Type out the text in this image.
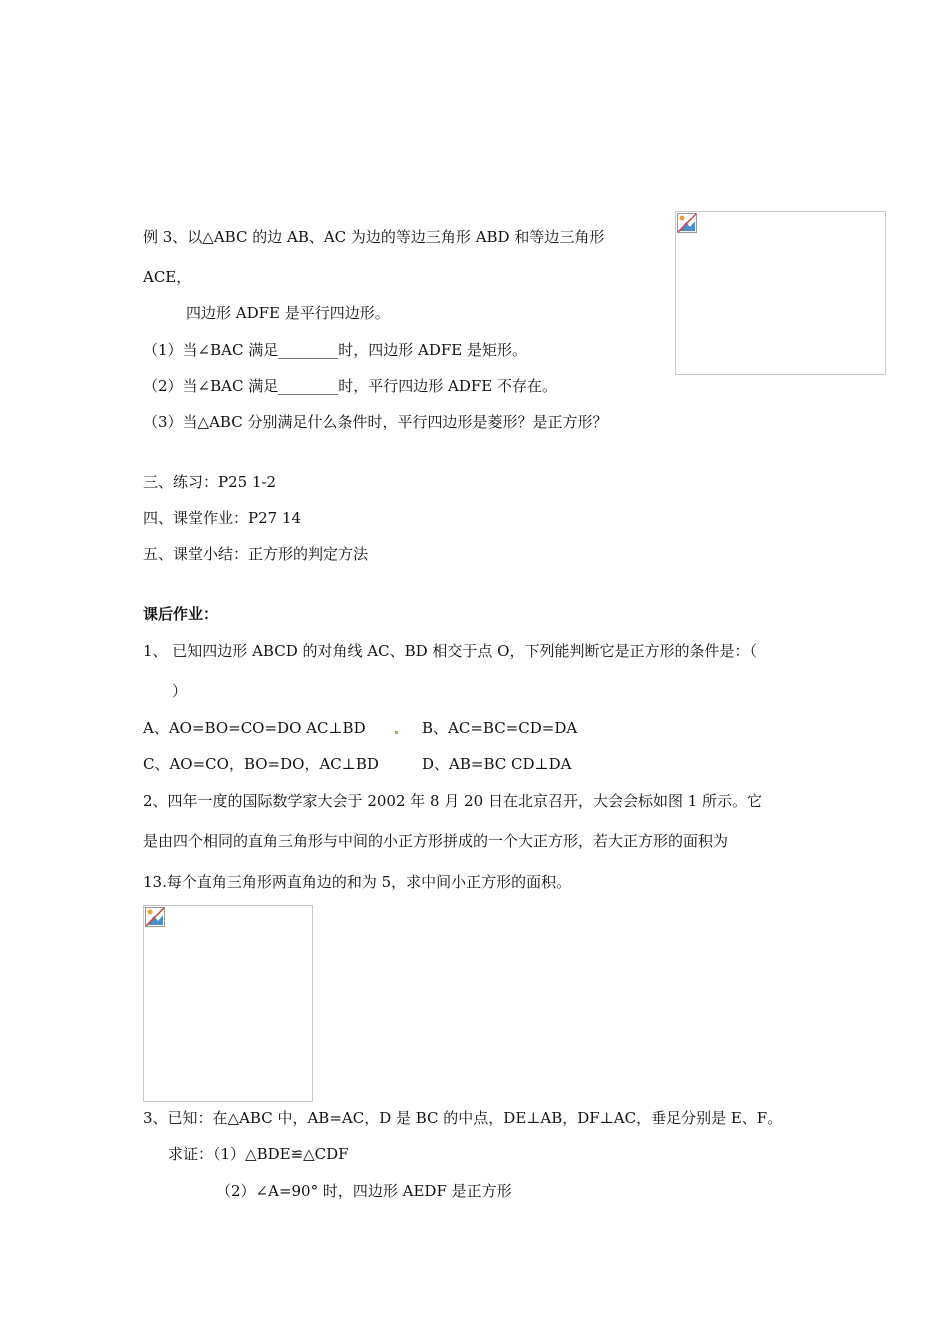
例 3、以△ABC 的边 AB、AC 为边的等边三角形 ABD 和等边三角形
ACE，
四边形 ADFE 是平行四边形。
（1）当∠BAC 满足________时，四边形 ADFE 是矩形。
（2）当∠BAC 满足________时，平行四边形 ADFE 不存在。
（3）当△ABC 分别满足什么条件时，平行四边形是菱形？是正方形？
三、练习：P25 1-2
四、课堂作业：P27 14
五、课堂小结：正方形的判定方法
课后作业：
1、 已知四边形 ABCD 的对角线 AC、BD 相交于点 O，下列能判断它是正方形的条件是：（
）
A、AO=BO=CO=DO AC⊥BD	B、AC=BC=CD=DA
C、AO=CO，BO=DO，AC⊥BD	D、AB=BC CD⊥DA
2、四年一度的国际数学家大会于 2002 年 8 月 20 日在北京召开，大会会标如图 1 所示。它
是由四个相同的直角三角形与中间的小正方形拼成的一个大正方形，若大正方形的面积为
13.每个直角三角形两直角边的和为 5，求中间小正方形的面积。
3、已知：在△ABC 中，AB=AC，D 是 BC 的中点，DE⊥AB，DF⊥AC，垂足分别是 E、F。
求证：（1）△BDE≌△CDF
（2）∠A=90° 时，四边形 AEDF 是正方形
